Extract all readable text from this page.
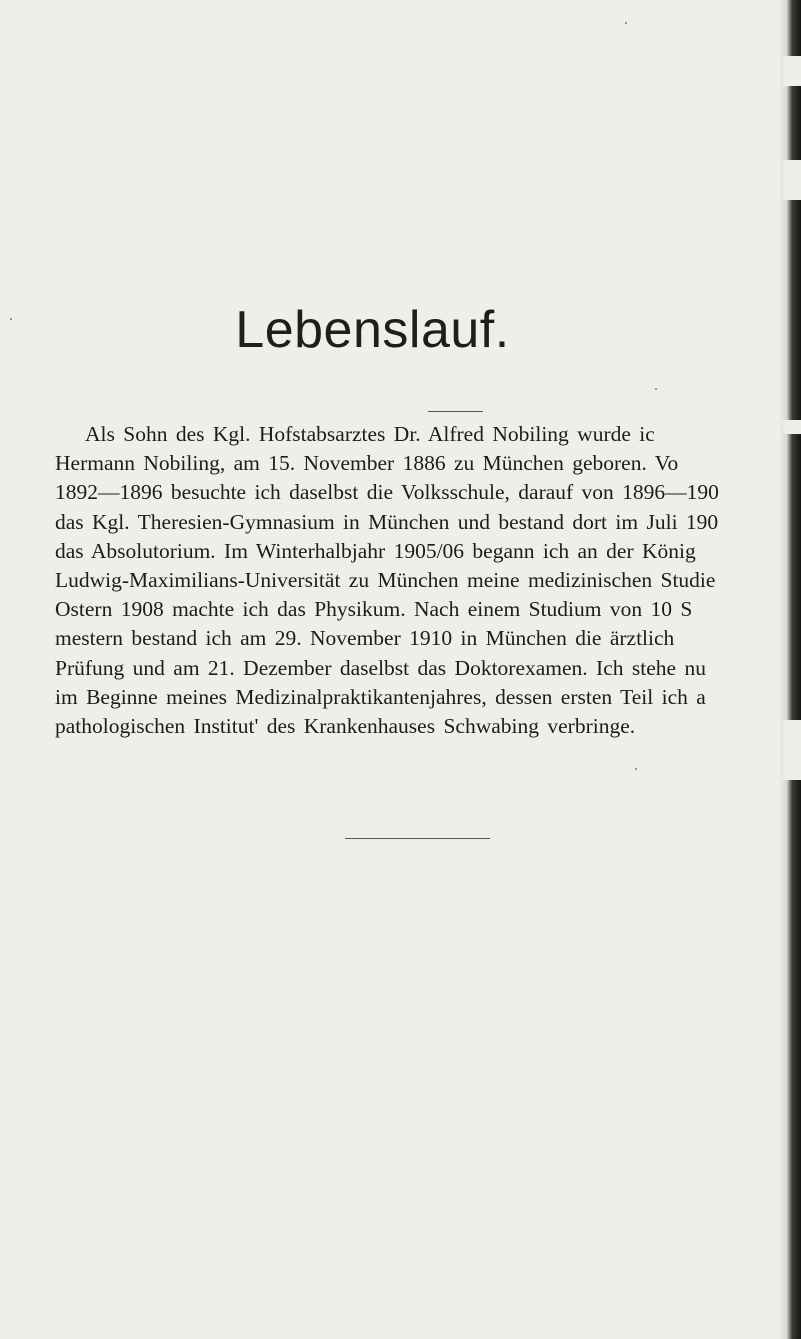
Lebenslauf.
Als Sohn des Kgl. Hofstabsarztes Dr. Alfred Nobiling wurde ic
Hermann Nobiling, am 15. November 1886 zu München geboren. Vo
1892—1896 besuchte ich daselbst die Volksschule, darauf von 1896—190
das Kgl. Theresien-Gymnasium in München und bestand dort im Juli 190
das Absolutorium. Im Winterhalbjahr 1905/06 begann ich an der König
Ludwig-Maximilians-Universität zu München meine medizinischen Studie
Ostern 1908 machte ich das Physikum. Nach einem Studium von 10 S
mestern bestand ich am 29. November 1910 in München die ärztlich
Prüfung und am 21. Dezember daselbst das Doktorexamen. Ich stehe nu
im Beginne meines Medizinalpraktikantenjahres, dessen ersten Teil ich a
pathologischen Institut' des Krankenhauses Schwabing verbringe.
